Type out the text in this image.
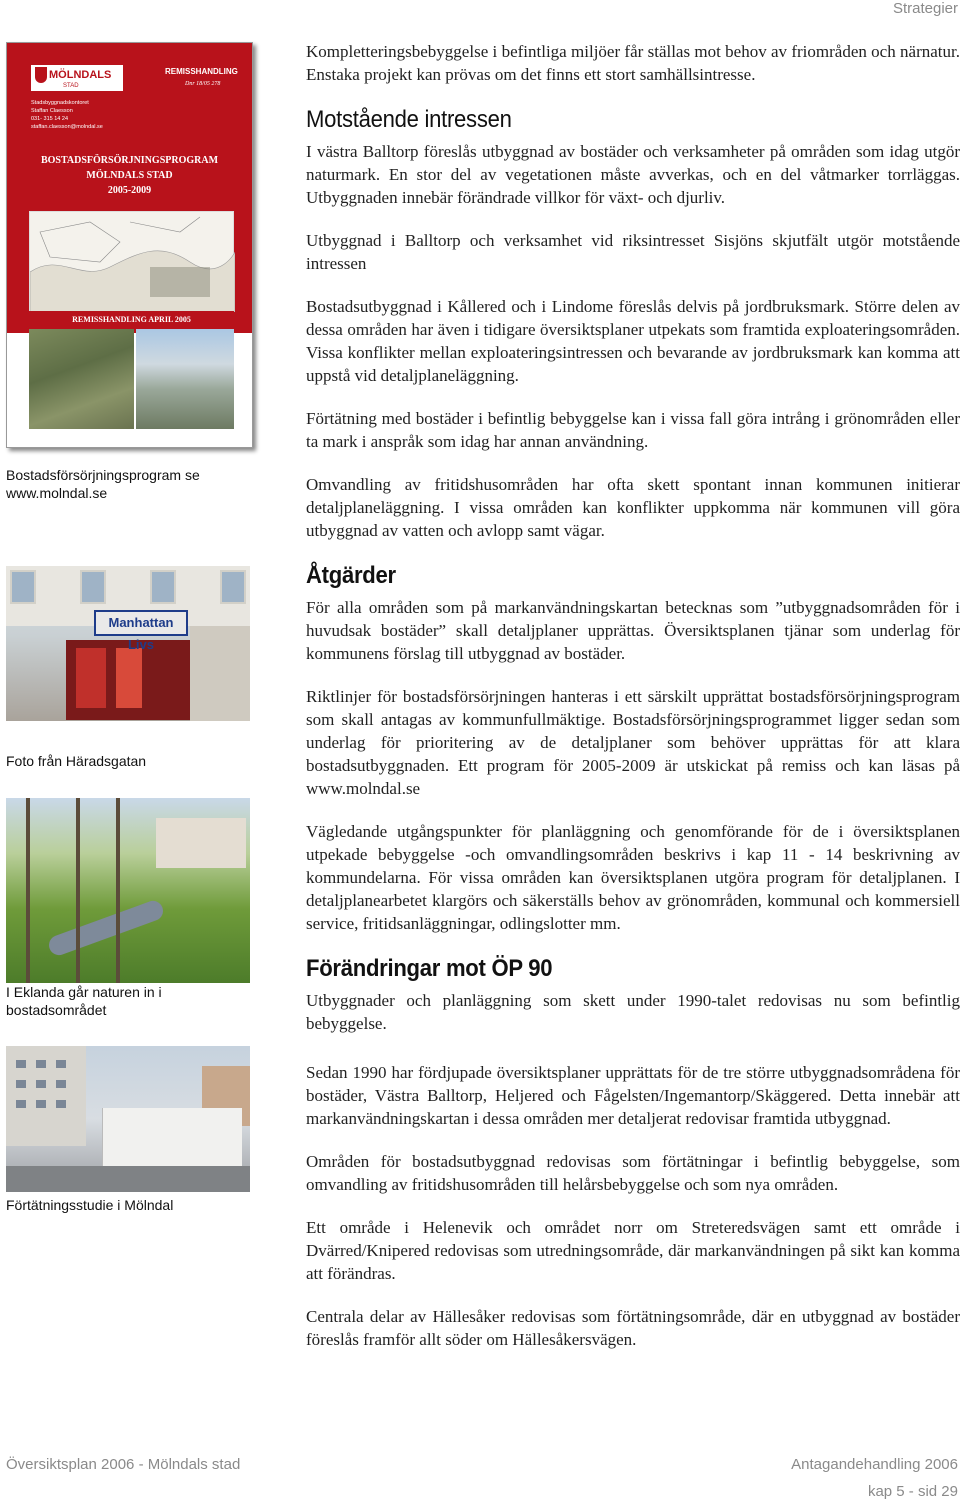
Strategier
MÖLNDALS
STAD
REMISSHANDLING
Dnr 18/05 278
Stadsbyggnadskontoret
Staffan Claesson
031- 315 14 24
staffan.claesson@molndal.se
BOSTADSFÖRSÖRJNINGSPROGRAM
MÖLNDALS STAD
2005-2009
REMISSHANDLING APRIL 2005
Bostadsförsörjningsprogram se www.molndal.se
Manhattan Livs
Foto från Häradsgatan
I Eklanda går naturen in i bostadsområdet
Förtätningsstudie i Mölndal

Kompletteringsbebyggelse i befintliga miljöer får ställas mot behov av friområden och närnatur. Enstaka projekt kan prövas om det finns ett stort samhällsintresse.

Motstående intressen

I västra Balltorp föreslås utbyggnad av bostäder och verksamheter på områden som idag utgör naturmark. En stor del av vegetationen måste avverkas, och en del våtmarker torrläggas. Utbyggnaden innebär förändrade villkor för växt- och djurliv.

Utbyggnad i Balltorp och verksamhet vid riksintresset Sisjöns skjutfält utgör motstående intressen

Bostadsutbyggnad i Kållered och i Lindome föreslås delvis på jordbruksmark. Större delen av dessa områden har även i tidigare översiktsplaner utpekats som framtida exploateringsområden. Vissa konflikter mellan exploateringsintressen och bevarande av jordbruksmark kan komma att uppstå vid detaljplaneläggning.

Förtätning med bostäder i befintlig bebyggelse kan i vissa fall göra intrång i grönområden eller ta mark i anspråk som idag har annan användning.

Omvandling av fritidshusområden har ofta skett spontant innan kommunen initierar detaljplaneläggning. I vissa områden kan konflikter uppkomma när kommunen vill göra utbyggnad av vatten och avlopp samt vägar.

Åtgärder

För alla områden som på markanvändningskartan betecknas som ”utbyggnadsområden för i huvudsak bostäder” skall detaljplaner upprättas. Översiktsplanen tjänar som underlag för kommunens förslag till utbyggnad av bostäder.

Riktlinjer för bostadsförsörjningen hanteras i ett särskilt upprättat bostadsförsörjningsprogram som skall antagas av kommunfullmäktige. Bostadsförsörjningsprogrammet ligger sedan som underlag för prioritering av de detaljplaner som behöver upprättas för att klara bostadsutbyggnaden. Ett program för 2005-2009 är utskickat på remiss och kan läsas på www.molndal.se

Vägledande utgångspunkter för planläggning och genomförande för de i översiktsplanen utpekade bebyggelse -och omvandlingsområden beskrivs i kap 11 - 14 beskrivning av kommundelarna. För vissa områden kan översiktsplanen utgöra program för detaljplanen. I detaljplanearbetet klargörs och säkerställs behov av grönområden, kommunal och kommersiell service, fritidsanläggningar, odlingslotter mm.

Förändringar mot ÖP 90

Utbyggnader och planläggning som skett under 1990-talet redovisas nu som befintlig bebyggelse.

Sedan 1990 har fördjupade översiktsplaner upprättats för de tre större utbyggnadsområdena för bostäder, Västra Balltorp, Heljered och Fågelsten/Ingemantorp/Skäggered. Detta innebär att markanvändningskartan i dessa områden mer detaljerat redovisar framtida utbyggnad.

Områden för bostadsutbyggnad redovisas som förtätningar i befintlig bebyggelse, som omvandling av fritidshusområden till helårsbebyggelse och som nya områden.

Ett område i Helenevik och området norr om Streteredsvägen samt ett område i Dvärred/Knipered redovisas som utredningsområde, där markanvändningen på sikt kan komma att förändras.

Centrala delar av Hällesåker redovisas som förtätningsområde, där en utbyggnad av bostäder föreslås framför allt söder om Hällesåkersvägen.

Översiktsplan 2006 - Mölndals stad	Antagandehandling 2006
kap 5 - sid 29
